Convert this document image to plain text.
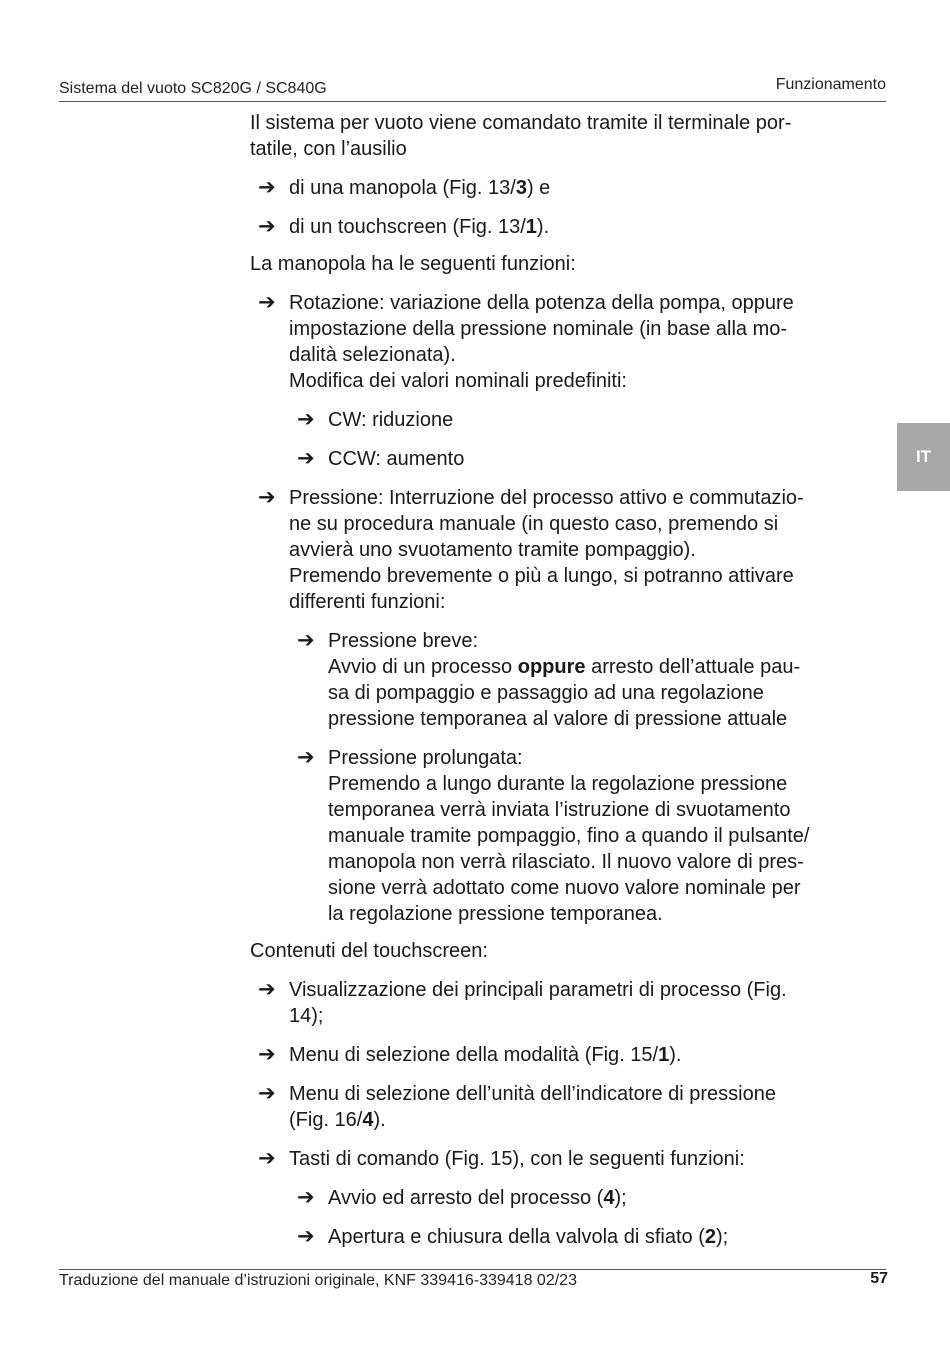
Sistema del vuoto SC820G / SC840G	Funzionamento
IT

Il sistema per vuoto viene comandato tramite il terminale por-
tatile, con l’ausilio

➔ di una manopola (Fig. 13/3) e
➔ di un touchscreen (Fig. 13/1).

La manopola ha le seguenti funzioni:

➔ Rotazione: variazione della potenza della pompa, oppure
impostazione della pressione nominale (in base alla mo-
dalità selezionata).
Modifica dei valori nominali predefiniti:
➔ CW: riduzione
➔ CCW: aumento
➔ Pressione: Interruzione del processo attivo e commutazio-
ne su procedura manuale (in questo caso, premendo si
avvierà uno svuotamento tramite pompaggio).
Premendo brevemente o più a lungo, si potranno attivare
differenti funzioni:
➔ Pressione breve:
Avvio di un processo oppure arresto dell’attuale pau-
sa di pompaggio e passaggio ad una regolazione
pressione temporanea al valore di pressione attuale
➔ Pressione prolungata:
Premendo a lungo durante la regolazione pressione
temporanea verrà inviata l’istruzione di svuotamento
manuale tramite pompaggio, fino a quando il pulsante/
manopola non verrà rilasciato. Il nuovo valore di pres-
sione verrà adottato come nuovo valore nominale per
la regolazione pressione temporanea.

Contenuti del touchscreen:

➔ Visualizzazione dei principali parametri di processo (Fig.
14);
➔ Menu di selezione della modalità (Fig. 15/1).
➔ Menu di selezione dell’unità dell’indicatore di pressione
(Fig. 16/4).
➔ Tasti di comando (Fig. 15), con le seguenti funzioni:
➔ Avvio ed arresto del processo (4);
➔ Apertura e chiusura della valvola di sfiato (2);
Traduzione del manuale d’istruzioni originale, KNF 339416-339418 02/23	57
